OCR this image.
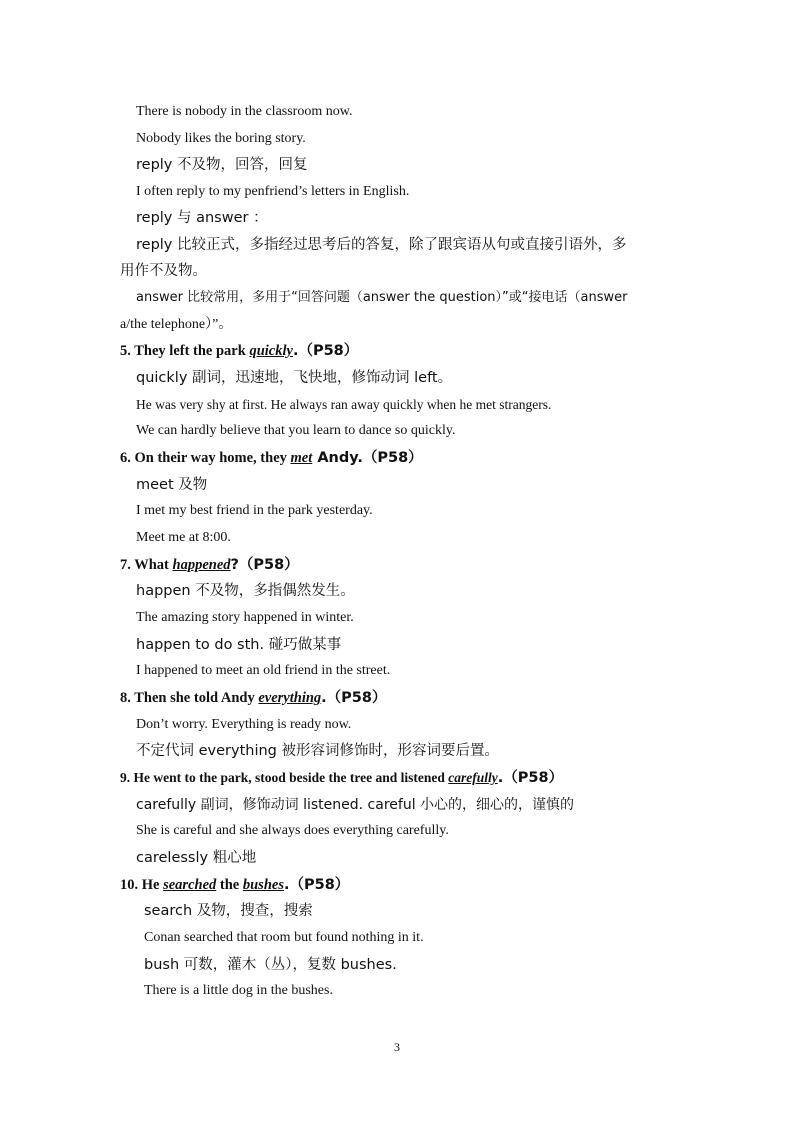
There is nobody in the classroom now.
Nobody likes the boring story.
reply 不及物，回答，回复
I often reply to my penfriend’s letters in English.
reply 与 answer ：
reply 比较正式，多指经过思考后的答复，除了跟宾语从句或直接引语外，多
用作不及物。
answer 比较常用，多用于“回答问题（answer the question）”或“接电话（answer
a/the telephone）”。
5. They left the park quickly.（P58）
quickly 副词，迅速地，飞快地，修饰动词 left。
He was very shy at first. He always ran away quickly when he met strangers.
We can hardly believe that you learn to dance so quickly.
6. On their way home, they met Andy.（P58）
meet 及物
I met my best friend in the park yesterday.
Meet me at 8:00.
7. What happened?（P58）
happen 不及物，多指偶然发生。
The amazing story happened in winter.
happen to do sth. 碰巧做某事
I happened to meet an old friend in the street.
8. Then she told Andy everything.（P58）
Don’t worry. Everything is ready now.
不定代词 everything 被形容词修饰时，形容词要后置。
9. He went to the park, stood beside the tree and listened carefully.（P58）
carefully 副词，修饰动词 listened. careful 小心的，细心的，谨慎的
She is careful and she always does everything carefully.
carelessly 粗心地
10. He searched the bushes.（P58）
search 及物，搜查，搜索
Conan searched that room but found nothing in it.
bush 可数，灌木（丛），复数 bushes.
There is a little dog in the bushes.
3
